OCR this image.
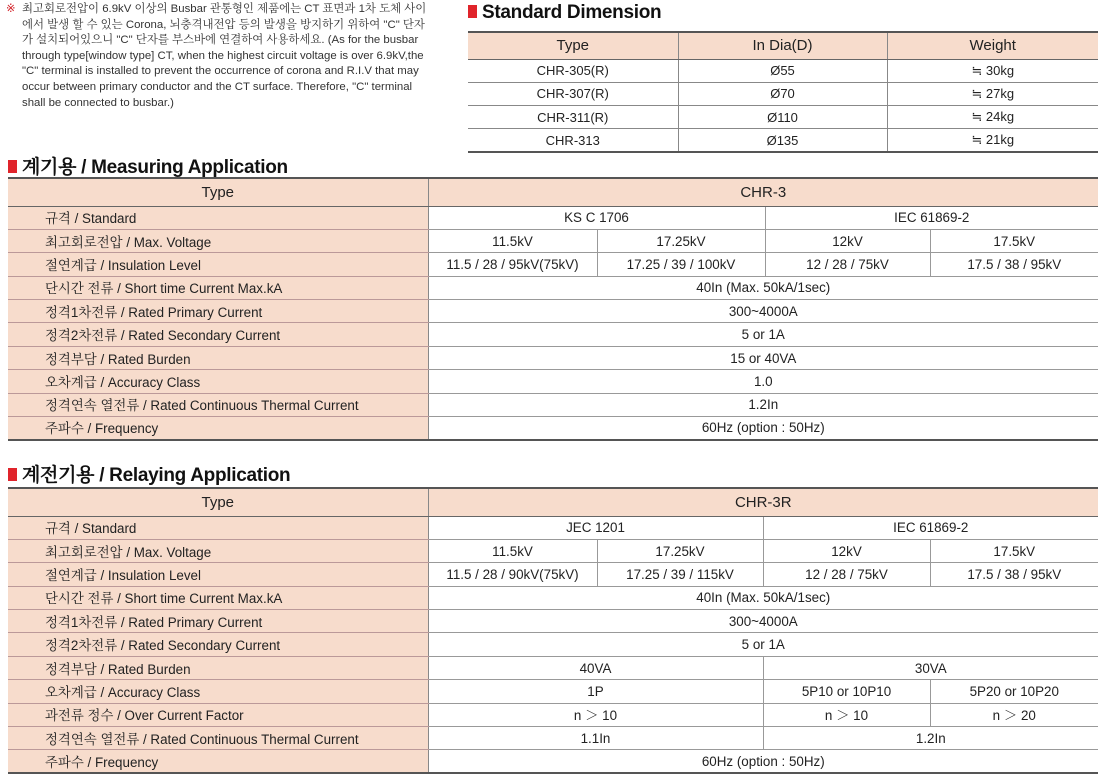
※ 최고회로전압이 6.9kV 이상의 Busbar 관통형인 제품에는 CT 표면과 1차 도체 사이에서 발생 할 수 있는 Corona, 뇌충격내전압 등의 발생을 방지하기 위하여 "C" 단자가 설치되어있으니 "C" 단자를 부스바에 연결하여 사용하세요. (As for the busbar through type[window type] CT, when the highest circuit voltage is over 6.9kV,the "C" terminal is installed to prevent the occurrence of corona and R.I.V that may occur between primary conductor and the CT surface. Therefore, "C" terminal shall be connected to busbar.)
Standard Dimension
Type	In Dia(D)	Weight
CHR-305(R)	Ø55	≒ 30kg
CHR-307(R)	Ø70	≒ 27kg
CHR-311(R)	Ø110	≒ 24kg
CHR-313	Ø135	≒ 21kg
계기용 / Measuring Application
Type	CHR-3			
규격 / Standard	KS C 1706		IEC 61869-2	
최고회로전압 / Max. Voltage	11.5kV	17.25kV	12kV	17.5kV
절연계급 / Insulation Level	11.5 / 28 / 95kV(75kV)	17.25 / 39 / 100kV	12 / 28 / 75kV	17.5 / 38 / 95kV
단시간 전류 / Short time Current Max.kA	40In (Max. 50kA/1sec)			
정격1차전류 / Rated Primary Current	300~4000A			
정격2차전류 / Rated Secondary Current	5 or 1A			
정격부담 / Rated Burden	15 or 40VA			
오차계급 / Accuracy Class	1.0			
정격연속 열전류 / Rated Continuous Thermal Current	1.2In			
주파수 / Frequency	60Hz (option : 50Hz)			
계전기용 / Relaying Application
Type	CHR-3R			
규격 / Standard	JEC 1201		IEC 61869-2	
최고회로전압 / Max. Voltage	11.5kV	17.25kV	12kV	17.5kV
절연계급 / Insulation Level	11.5 / 28 / 90kV(75kV)	17.25 / 39 / 115kV	12 / 28 / 75kV	17.5 / 38 / 95kV
단시간 전류 / Short time Current Max.kA	40In (Max. 50kA/1sec)			
정격1차전류 / Rated Primary Current	300~4000A			
정격2차전류 / Rated Secondary Current	5 or 1A			
정격부담 / Rated Burden	40VA		30VA	
오차계급 / Accuracy Class	1P		5P10 or 10P10	5P20 or 10P20
과전류 정수 / Over Current Factor	n ＞ 10		n ＞ 10	n ＞ 20
정격연속 열전류 / Rated Continuous Thermal Current	1.1In		1.2In	
주파수 / Frequency	60Hz (option : 50Hz)			
